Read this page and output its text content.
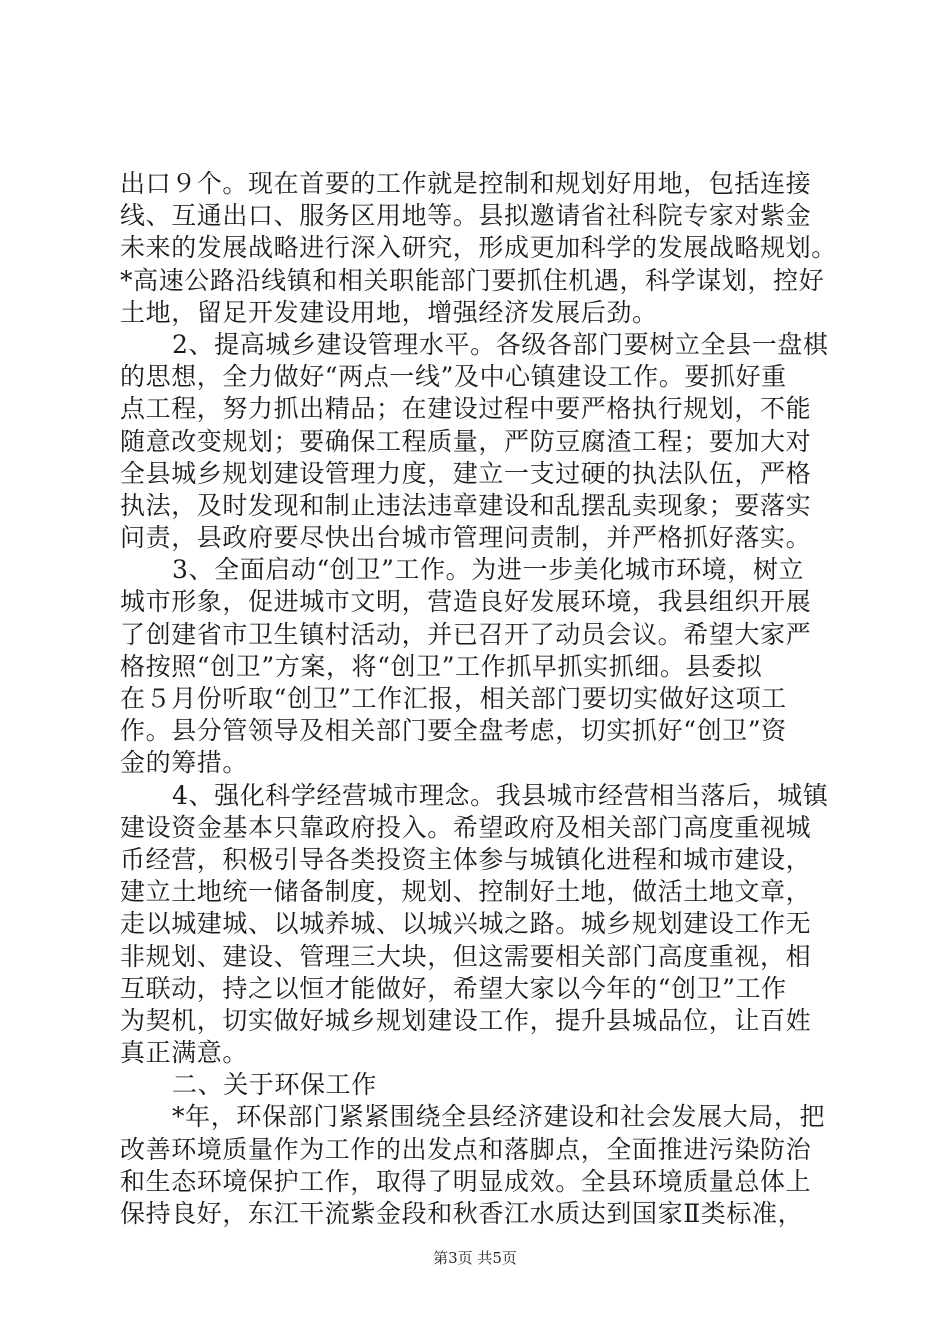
出口９个。现在首要的工作就是控制和规划好用地，包括连接
线、互通出口、服务区用地等。县拟邀请省社科院专家对紫金
未来的发展战略进行深入研究，形成更加科学的发展战略规划。
*高速公路沿线镇和相关职能部门要抓住机遇，科学谋划，控好
土地，留足开发建设用地，增强经济发展后劲。
2、提高城乡建设管理水平。各级各部门要树立全县一盘棋
的思想，全力做好“两点一线”及中心镇建设工作。要抓好重
点工程，努力抓出精品；在建设过程中要严格执行规划，不能
随意改变规划；要确保工程质量，严防豆腐渣工程；要加大对
全县城乡规划建设管理力度，建立一支过硬的执法队伍，严格
执法，及时发现和制止违法违章建设和乱摆乱卖现象；要落实
问责，县政府要尽快出台城市管理问责制，并严格抓好落实。
3、全面启动“创卫”工作。为进一步美化城市环境，树立
城市形象，促进城市文明，营造良好发展环境，我县组织开展
了创建省市卫生镇村活动，并已召开了动员会议。希望大家严
格按照“创卫”方案，将“创卫”工作抓早抓实抓细。县委拟
在５月份听取“创卫”工作汇报，相关部门要切实做好这项工
作。县分管领导及相关部门要全盘考虑，切实抓好“创卫”资
金的筹措。
4、强化科学经营城市理念。我县城市经营相当落后，城镇
建设资金基本只靠政府投入。希望政府及相关部门高度重视城
币经营，积极引导各类投资主体参与城镇化进程和城市建设，
建立土地统一储备制度，规划、控制好土地，做活土地文章，
走以城建城、以城养城、以城兴城之路。城乡规划建设工作无
非规划、建设、管理三大块，但这需要相关部门高度重视，相
互联动，持之以恒才能做好，希望大家以今年的“创卫”工作
为契机，切实做好城乡规划建设工作，提升县城品位，让百姓
真正满意。
二、关于环保工作
*年，环保部门紧紧围绕全县经济建设和社会发展大局，把
改善环境质量作为工作的出发点和落脚点，全面推进污染防治
和生态环境保护工作，取得了明显成效。全县环境质量总体上
保持良好，东江干流紫金段和秋香江水质达到国家Ⅱ类标准，
第3页 共5页
